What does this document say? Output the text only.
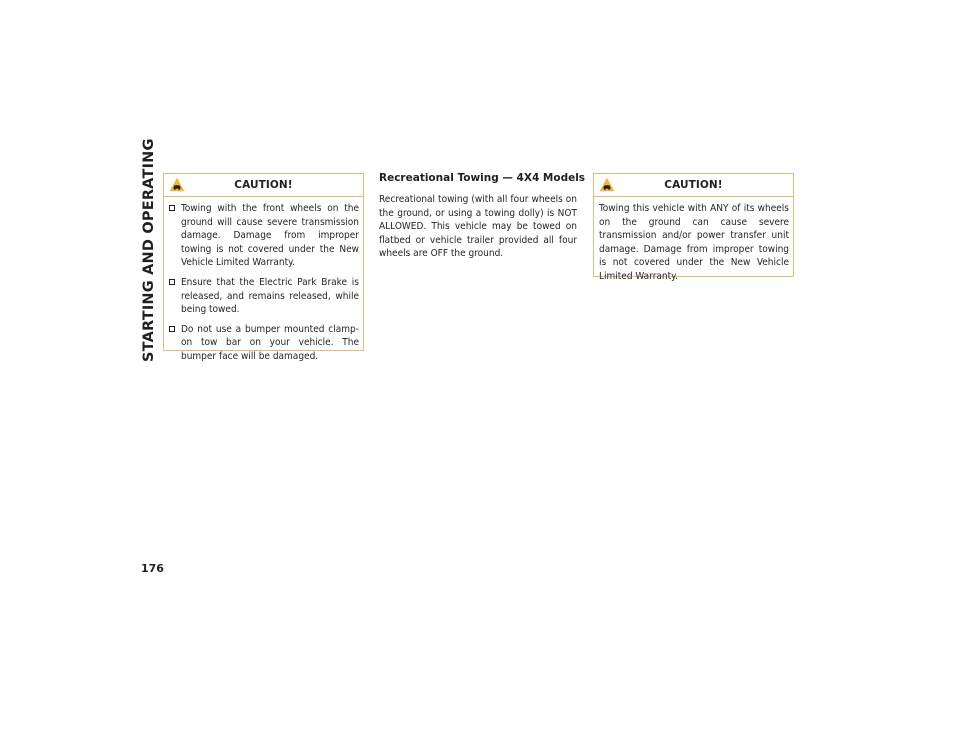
STARTING AND OPERATING	CAUTION!
Towing with the front wheels on the ground will cause severe transmission damage. Damage from improper towing is not covered under the New Vehicle Limited Warranty.
Ensure that the Electric Park Brake is released, and remains released, while being towed.
Do not use a bumper mounted clamp-on tow bar on your vehicle. The bumper face will be damaged.
Recreational Towing — 4X4 Models
Recreational towing (with all four wheels on the ground, or using a towing dolly) is NOT ALLOWED. This vehicle may be towed on flatbed or vehicle trailer provided all four wheels are OFF the ground.
CAUTION!
Towing this vehicle with ANY of its wheels on the ground can cause severe transmission and/or power transfer unit damage. Damage from improper towing is not covered under the New Vehicle Limited Warranty.
176
